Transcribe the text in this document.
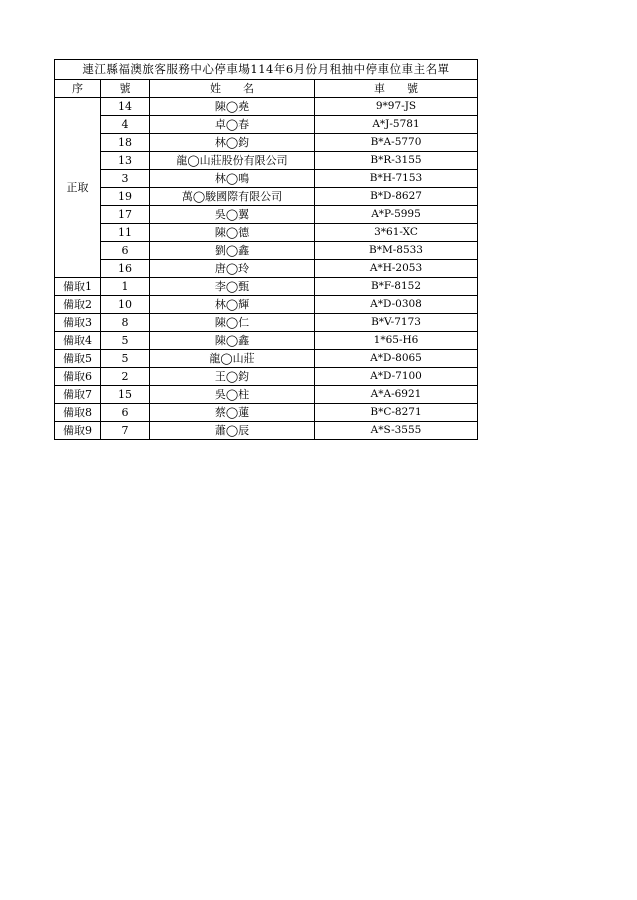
連江縣福澳旅客服務中心停車場114年6月份月租抽中停車位車主名單			
序	號	姓　　名	車　　號
正取	14	陳◯堯	9*97-JS
	4	卓◯春	A*J-5781
	18	林◯鈞	B*A-5770
	13	龍◯山莊股份有限公司	B*R-3155
	3	林◯鳴	B*H-7153
	19	萬◯駿國際有限公司	B*D-8627
	17	吳◯翼	A*P-5995
	11	陳◯德	3*61-XC
	6	劉◯鑫	B*M-8533
	16	唐◯玲	A*H-2053
備取1	1	李◯甄	B*F-8152
備取2	10	林◯輝	A*D-0308
備取3	8	陳◯仁	B*V-7173
備取4	5	陳◯鑫	1*65-H6
備取5	5	龍◯山莊	A*D-8065
備取6	2	王◯鈞	A*D-7100
備取7	15	吳◯柱	A*A-6921
備取8	6	蔡◯蓮	B*C-8271
備取9	7	蕭◯辰	A*S-3555
